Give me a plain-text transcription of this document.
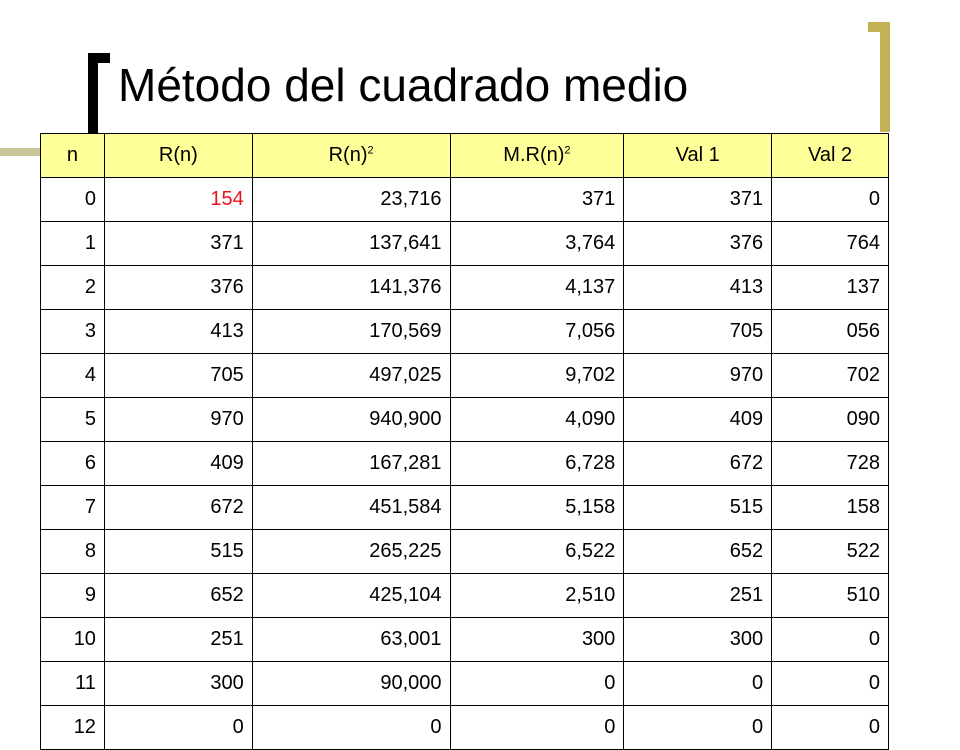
Método del cuadrado medio
n	R(n)	$R(n)^2$	$M.R(n)^2$	Val 1	Val 2
0	154	23,716	371	371	0
1	371	137,641	3,764	376	764
2	376	141,376	4,137	413	137
3	413	170,569	7,056	705	056
4	705	497,025	9,702	970	702
5	970	940,900	4,090	409	090
6	409	167,281	6,728	672	728
7	672	451,584	5,158	515	158
8	515	265,225	6,522	652	522
9	652	425,104	2,510	251	510
10	251	63,001	300	300	0
11	300	90,000	0	0	0
12	0	0	0	0	0
